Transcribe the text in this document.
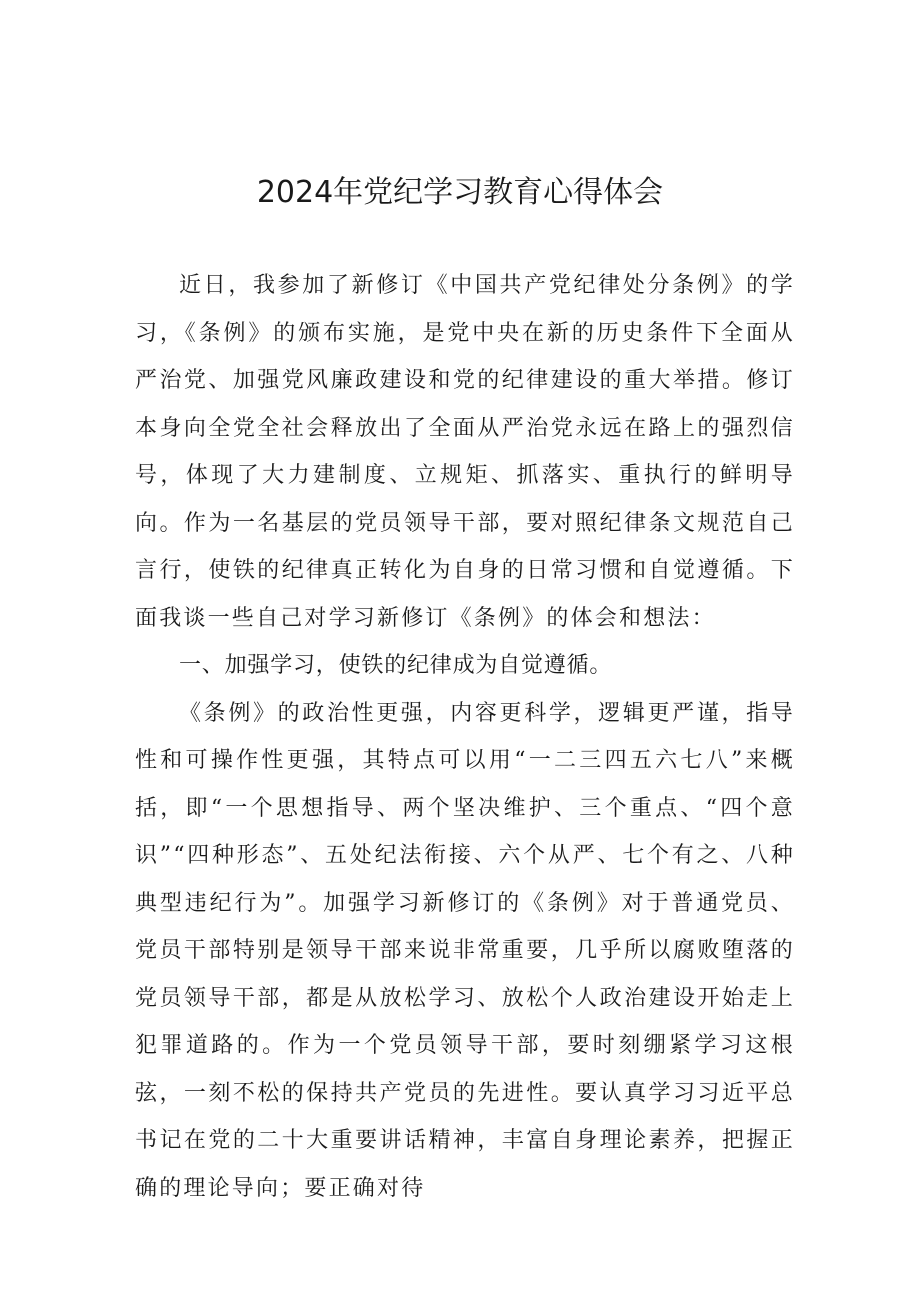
2024年党纪学习教育心得体会

近日，我参加了新修订《中国共产党纪律处分条例》的学习，《条例》的颁布实施，是党中央在新的历史条件下全面从严治党、加强党风廉政建设和党的纪律建设的重大举措。修订本身向全党全社会释放出了全面从严治党永远在路上的强烈信号，体现了大力建制度、立规矩、抓落实、重执行的鲜明导向。作为一名基层的党员领导干部，要对照纪律条文规范自己言行，使铁的纪律真正转化为自身的日常习惯和自觉遵循。下面我谈一些自己对学习新修订《条例》的体会和想法：

一、加强学习，使铁的纪律成为自觉遵循。

《条例》的政治性更强，内容更科学，逻辑更严谨，指导性和可操作性更强，其特点可以用“一二三四五六七八”来概括，即“一个思想指导、两个坚决维护、三个重点、“四个意识”“四种形态”、五处纪法衔接、六个从严、七个有之、八种典型违纪行为”。加强学习新修订的《条例》对于普通党员、党员干部特别是领导干部来说非常重要，几乎所以腐败堕落的党员领导干部，都是从放松学习、放松个人政治建设开始走上犯罪道路的。作为一个党员领导干部，要时刻绷紧学习这根弦，一刻不松的保持共产党员的先进性。要认真学习习近平总书记在党的二十大重要讲话精神，丰富自身理论素养，把握正确的理论导向；要正确对待
